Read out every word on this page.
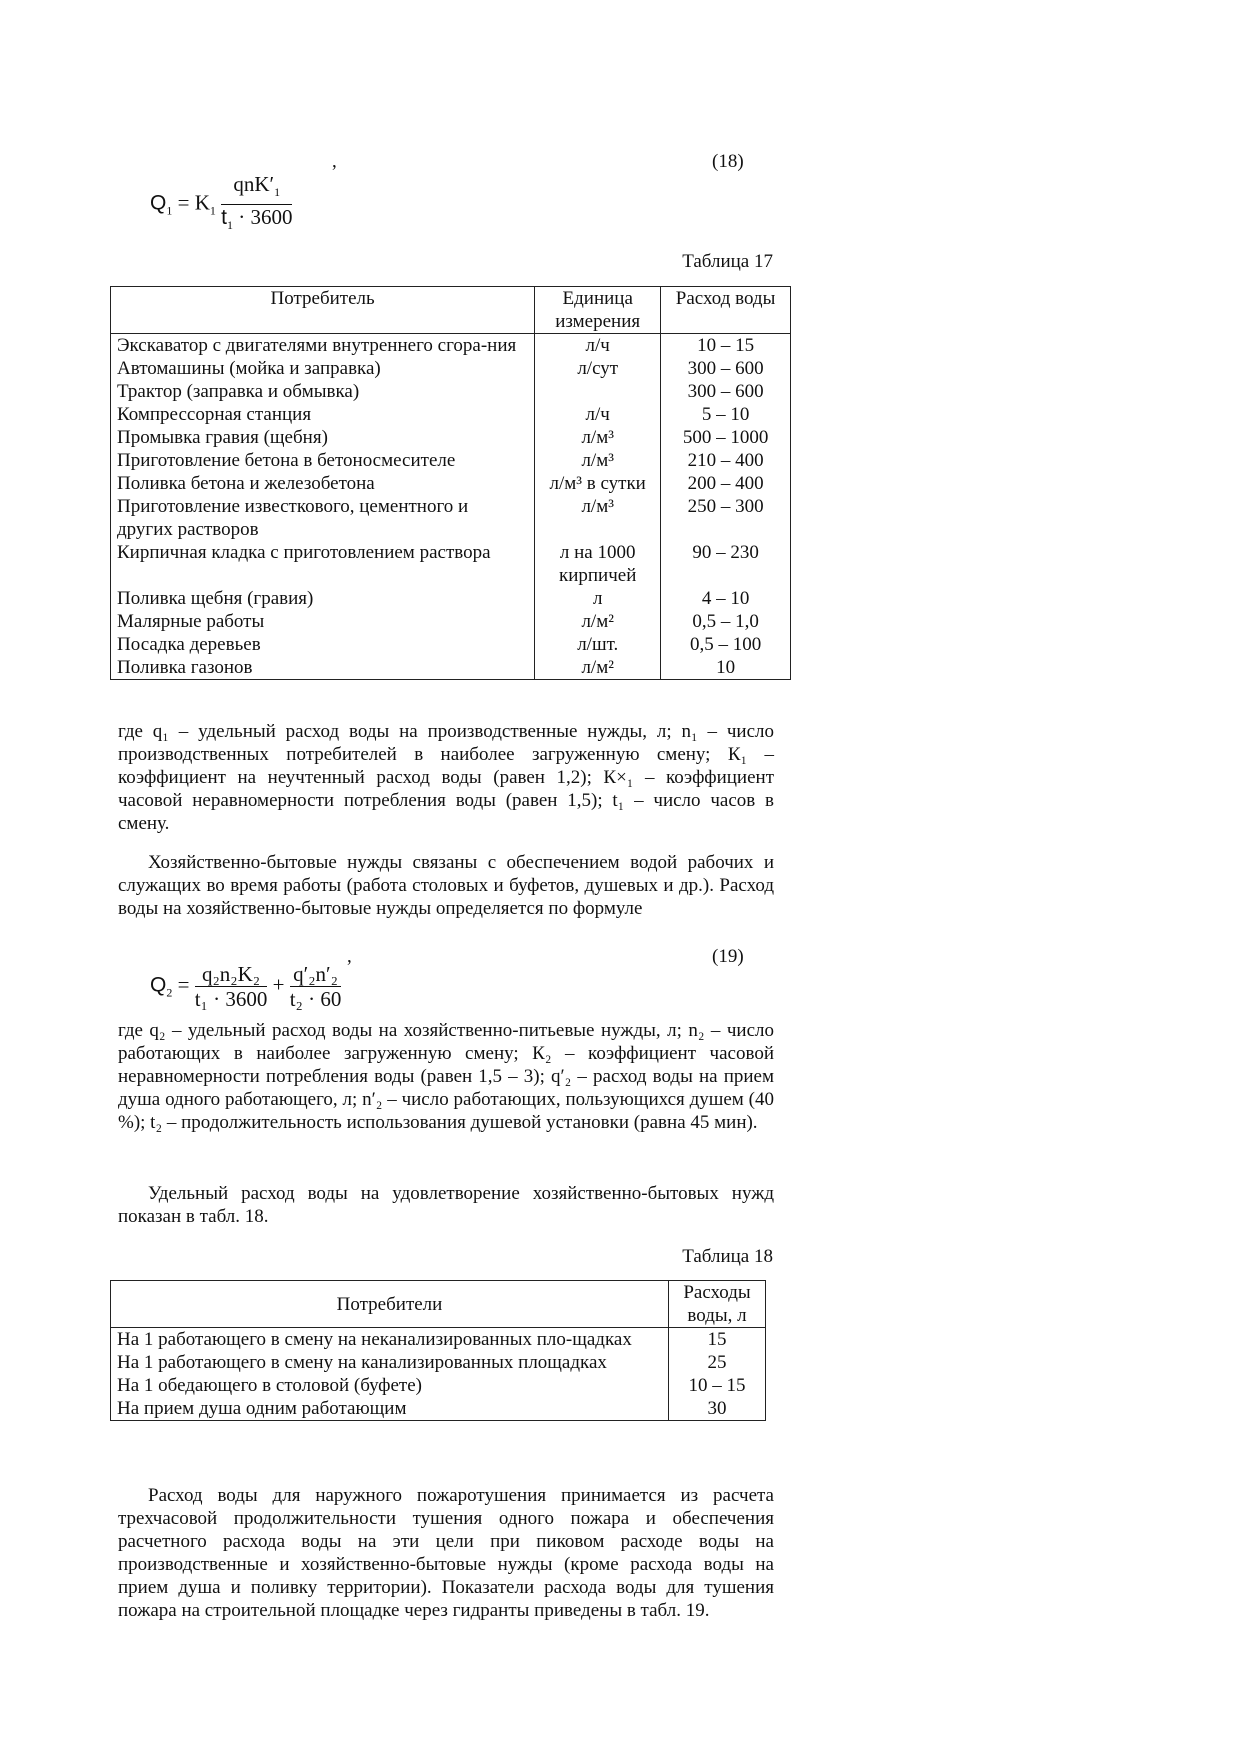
,	(18)
$Q_1 = K_1 \frac{qnK'_1}{t_1 \cdot 3600}$
Таблица 17
Потребитель	Единица измерения	Расход воды
Экскаватор с двигателями внутреннего сгора-ния	л/ч	10 – 15
Автомашины (мойка и заправка)	л/сут	300 – 600
Трактор (заправка и обмывка)		300 – 600
Компрессорная станция	л/ч	5 – 10
Промывка гравия (щебня)	л/м³	500 – 1000
Приготовление бетона в бетоносмесителе	л/м³	210 – 400
Поливка бетона и железобетона	л/м³ в сутки	200 – 400
Приготовление известкового, цементного и других растворов	л/м³	250 – 300
Кирпичная кладка с приготовлением раствора	л на 1000 кирпичей	90 – 230
Поливка щебня (гравия)	л	4 – 10
Малярные работы	л/м²	0,5 – 1,0
Посадка деревьев	л/шт.	0,5 – 100
Поливка газонов	л/м²	10
где q₁ – удельный расход воды на производственные нужды, л; n₁ – число производственных потребителей в наиболее загруженную смену; К₁ – коэффициент на неучтенный расход воды (равен 1,2); К×₁ – коэффициент часовой неравномерности потребления воды (равен 1,5); t₁ – число часов в смену.
Хозяйственно-бытовые нужды связаны с обеспечением водой рабочих и служащих во время работы (работа столовых и буфетов, душевых и др.). Расход воды на хозяйственно-бытовые нужды определяется по формуле
,	(19)
$Q_2 = \frac{\text{q₂n₂K₂}}{\text{t₁ · 3600}} + \frac{\text{q′₂n′₂}}{\text{t₂ · 60}}$
где q₂ – удельный расход воды на хозяйственно-питьевые нужды, л; n₂ – число работающих в наиболее загруженную смену; К₂ – коэффициент часовой неравномерности потребления воды (равен 1,5 – 3); q′₂ – расход воды на прием душа одного работающего, л; n′₂ – число работающих, пользующихся душем (40 %); t₂ – продолжительность использования душевой установки (равна 45 мин).
Удельный расход воды на удовлетворение хозяйственно-бытовых нужд показан в табл. 18.
Таблица 18
Потребители	Расходы воды, л
На 1 работающего в смену на неканализированных пло-щадках	15
На 1 работающего в смену на канализированных площадках	25
На 1 обедающего в столовой (буфете)	10 – 15
На прием душа одним работающим	30
Расход воды для наружного пожаротушения принимается из расчета трехчасовой продолжительности тушения одного пожара и обеспечения расчетного расхода воды на эти цели при пиковом расходе воды на производственные и хозяйственно-бытовые нужды (кроме расхода воды на прием душа и поливку территории). Показатели расхода воды для тушения пожара на строительной площадке через гидранты приведены в табл. 19.
